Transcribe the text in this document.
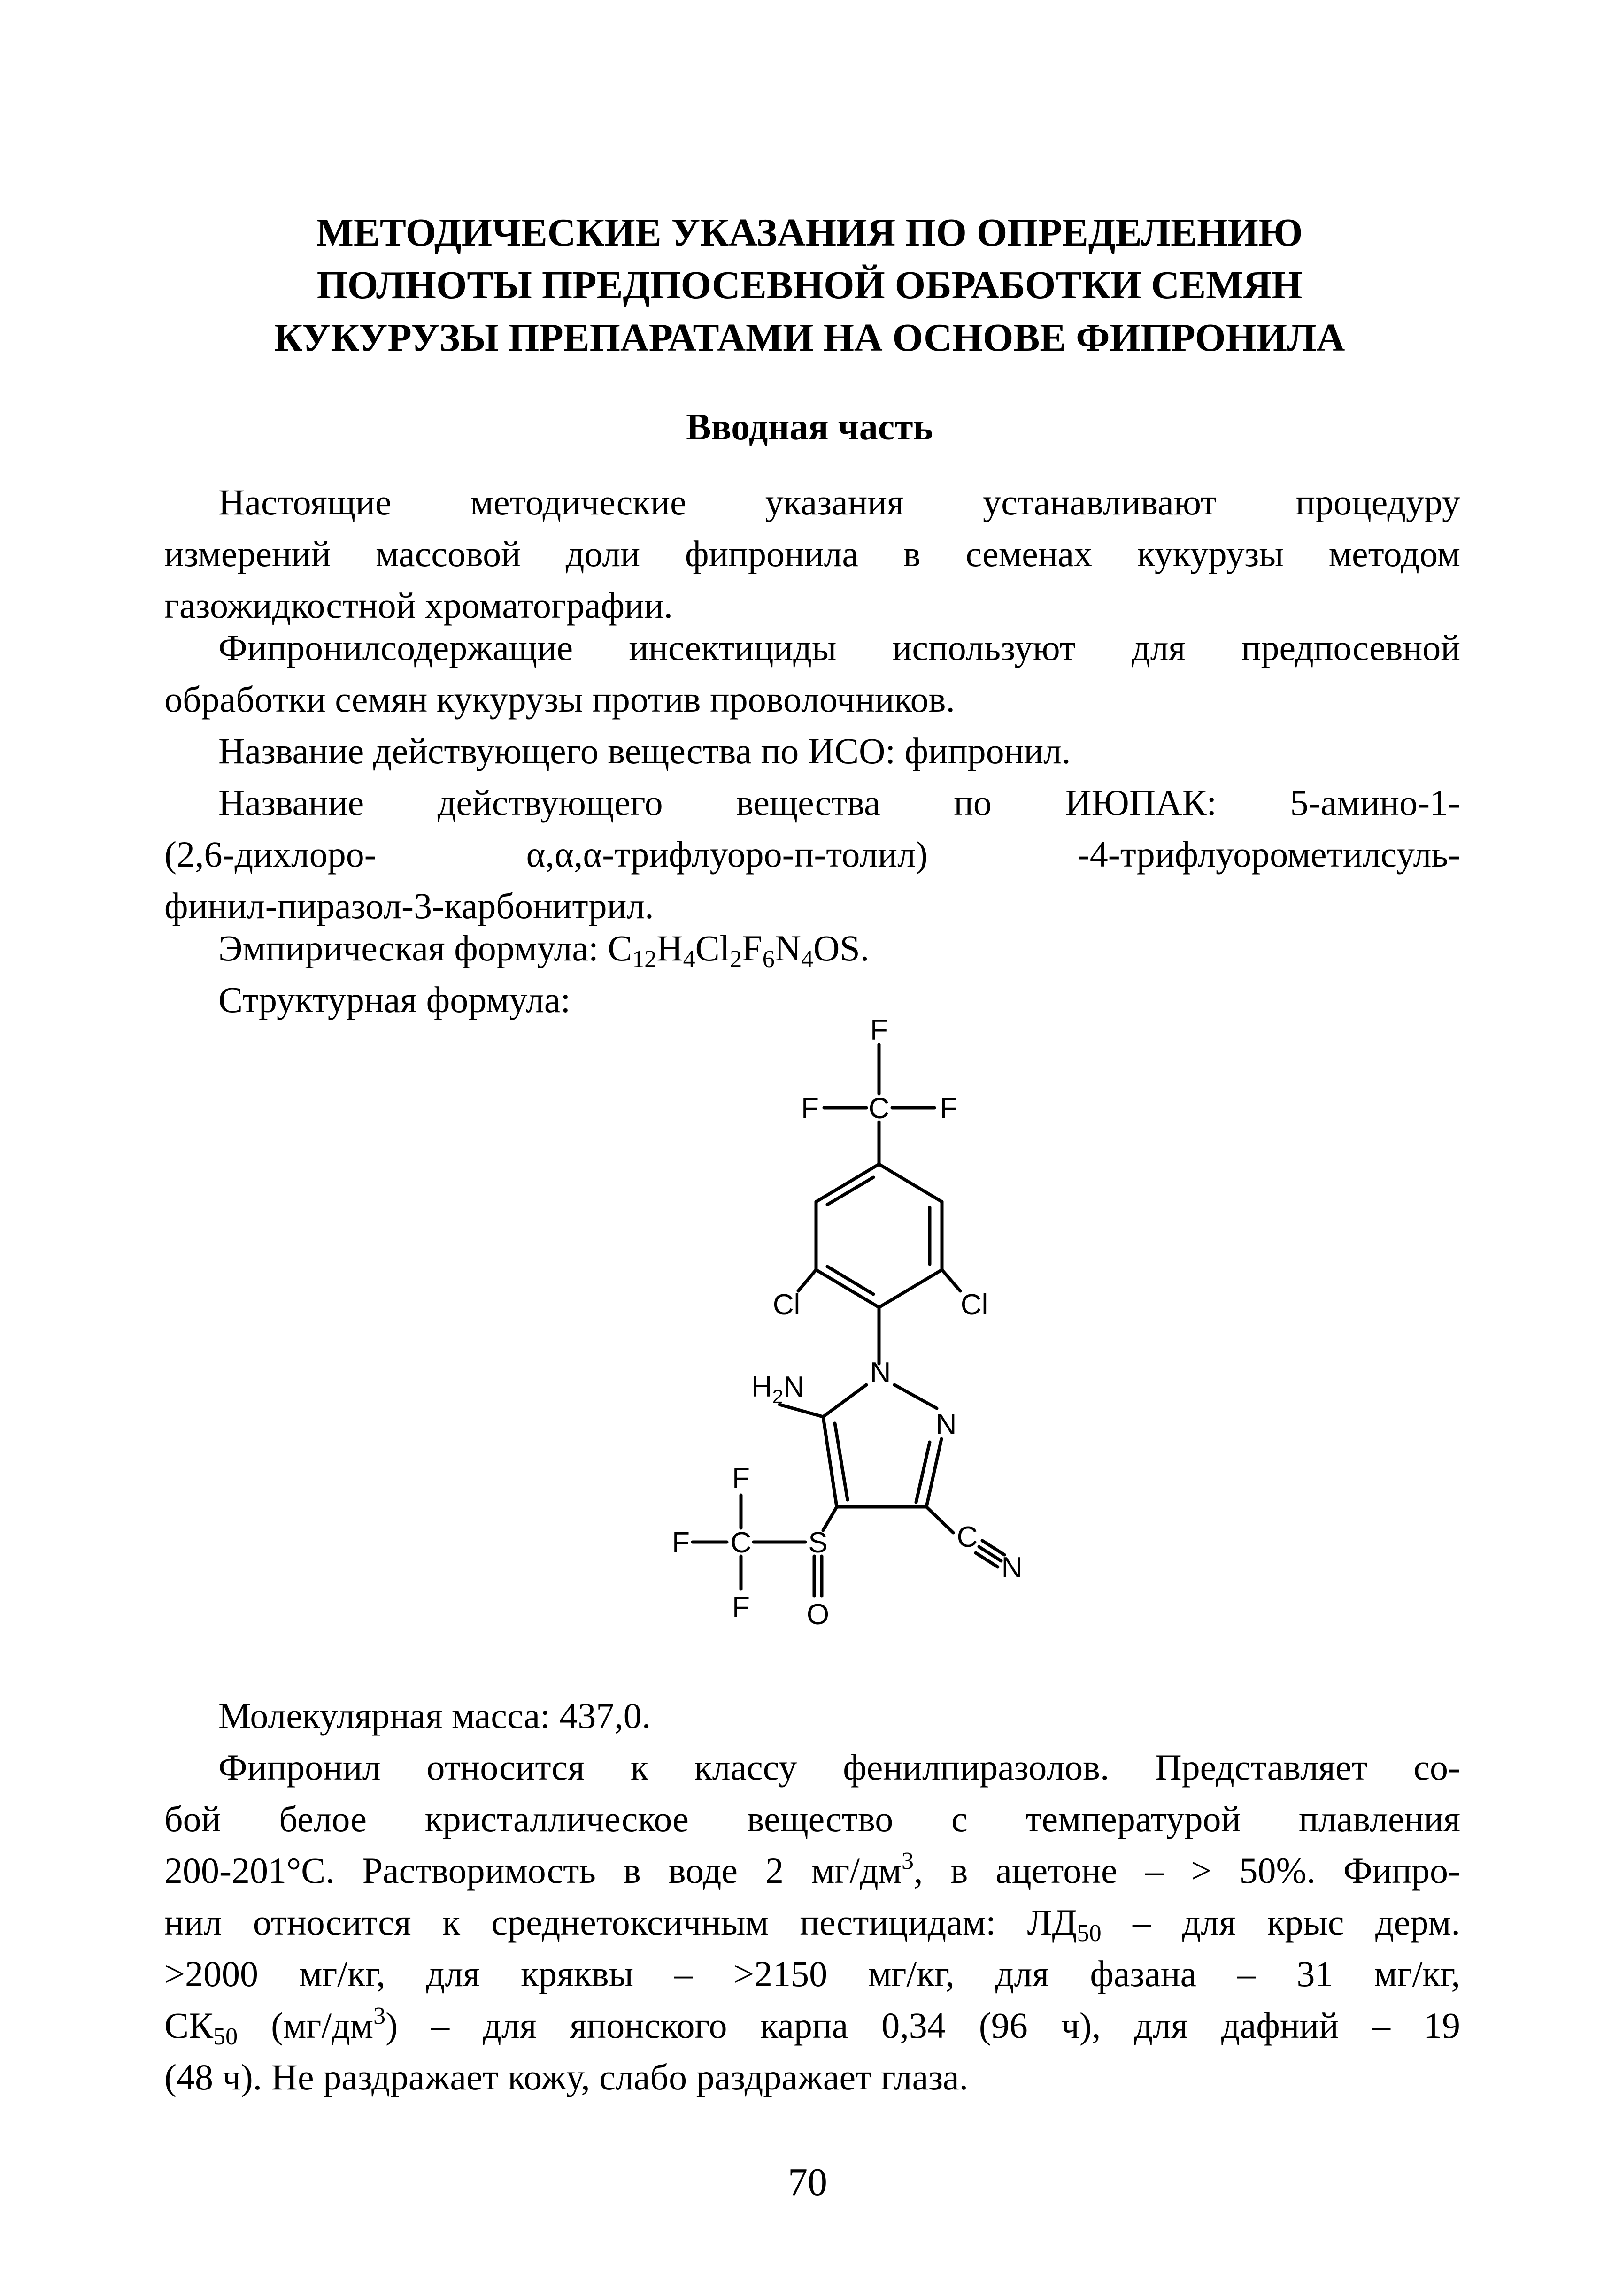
МЕТОДИЧЕСКИЕ УКАЗАНИЯ ПО ОПРЕДЕЛЕНИЮ
ПОЛНОТЫ ПРЕДПОСЕВНОЙ ОБРАБОТКИ СЕМЯН
КУКУРУЗЫ ПРЕПАРАТАМИ НА ОСНОВЕ ФИПРОНИЛА
Вводная часть
Настоящие методические указания устанавливают процедуру
измерений массовой доли фипронила в семенах кукурузы методом
газожидкостной хроматографии.
Фипронилсодержащие инсектициды используют для предпосевной
обработки семян кукурузы против проволочников.
Название действующего вещества по ИСО: фипронил.
Название действующего вещества по ИЮПАК: 5-амино-1-
(2,6-дихлоро- α,α,α-трифлуоро-п-толил) -4-трифлуорометилсуль-
финил-пиразол-3-карбонитрил.
Эмпирическая формула: $C_{12}H_4Cl_2F_6N_4OS$.
Структурная формула:
F
F C F
Cl	Cl
$H_2N$ N
N
F
F C S
F O
C
N
Молекулярная масса: 437,0.
Фипронил относится к классу фенилпиразолов. Представляет со-
бой белое кристаллическое вещество с температурой плавления
200-201°С. Растворимость в воде 2 $мг/дм^3$, в ацетоне – > 50%. Фипро-
нил относится к среднетоксичным пестицидам: $ЛД_{50}$ – для крыс дерм.
>2000 мг/кг, для кряквы – >2150 мг/кг, для фазана – 31 мг/кг,
$СК_{50}$ $(мг/дм^3)$ – для японского карпа 0,34 (96 ч), для дафний – 19
(48 ч). Не раздражает кожу, слабо раздражает глаза.
70
